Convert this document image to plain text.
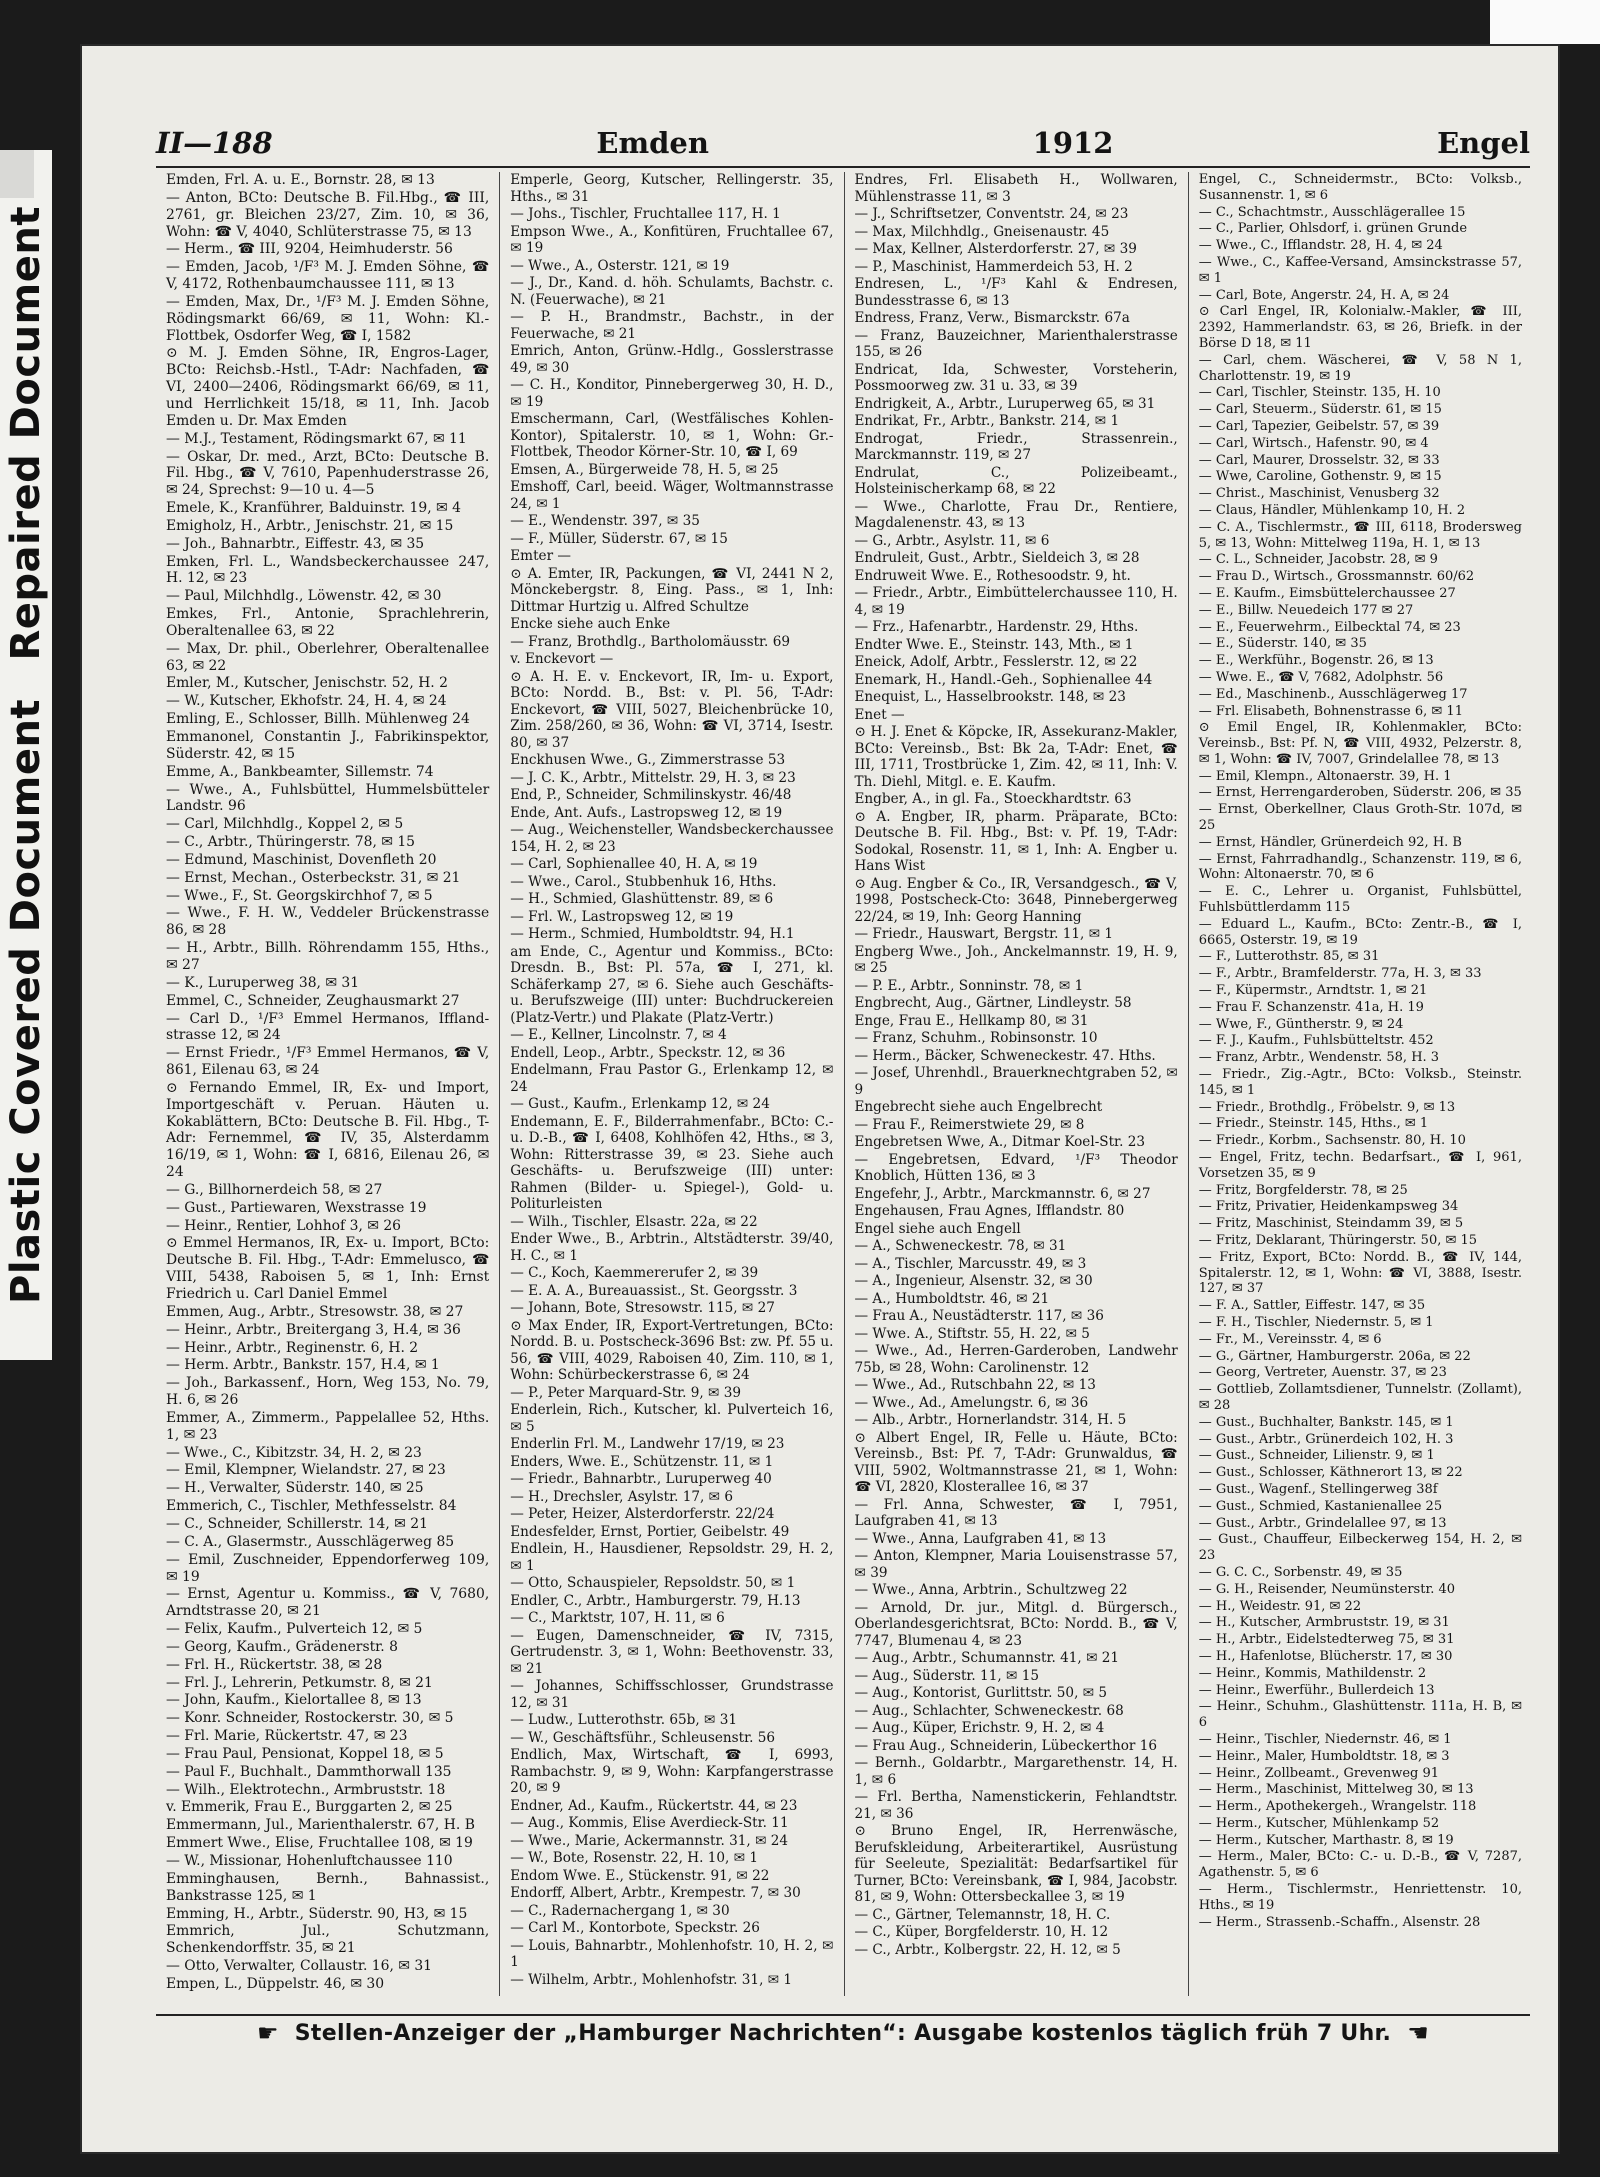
Plastic Covered Document Repaired Document
II—188	Emden	1912	Engel
Emden, Frl. A. u. E., Bornstr. 28, ✉ 13
— Anton, BCto: Deutsche B. Fil.Hbg., ☎ III, 2761, gr. Bleichen 23/27, Zim. 10, ✉ 36, Wohn: ☎ V, 4040, Schlüterstrasse 75, ✉ 13
— Herm., ☎ III, 9204, Heimhuderstr. 56
— Emden, Jacob, ¹/F³ M. J. Emden Söhne, ☎ V, 4172, Rothenbaumchaussee 111, ✉ 13
— Emden, Max, Dr., ¹/F³ M. J. Emden Söhne, Rödingsmarkt 66/69, ✉ 11, Wohn: Kl.-Flottbek, Osdorfer Weg, ☎ I, 1582
⊙ M. J. Emden Söhne, IR, Engros-Lager, BCto: Reichsb.-Hstl., T-Adr: Nachfaden, ☎ VI, 2400—2406, Rödingsmarkt 66/69, ✉ 11, und Herrlichkeit 15/18, ✉ 11, Inh. Jacob Emden u. Dr. Max Emden
— M.J., Testament, Rödingsmarkt 67, ✉ 11
— Oskar, Dr. med., Arzt, BCto: Deutsche B. Fil. Hbg., ☎ V, 7610, Papenhuderstrasse 26, ✉ 24, Sprechst: 9—10 u. 4—5
Emele, K., Kranführer, Balduinstr. 19, ✉ 4
Emigholz, H., Arbtr., Jenischstr. 21, ✉ 15
— Joh., Bahnarbtr., Eiffestr. 43, ✉ 35
Emken, Frl. L., Wandsbeckerchaussee 247, H. 12, ✉ 23
— Paul, Milchhdlg., Löwenstr. 42, ✉ 30
Emkes, Frl., Antonie, Sprachlehrerin, Oberaltenallee 63, ✉ 22
— Max, Dr. phil., Oberlehrer, Oberaltenallee 63, ✉ 22
Emler, M., Kutscher, Jenischstr. 52, H. 2
— W., Kutscher, Ekhofstr. 24, H. 4, ✉ 24
Emling, E., Schlosser, Billh. Mühlenweg 24
Emmanonel, Constantin J., Fabrikinspektor, Süderstr. 42, ✉ 15
Emme, A., Bankbeamter, Sillemstr. 74
— Wwe., A., Fuhlsbüttel, Hummelsbütteler Landstr. 96
— Carl, Milchhdlg., Koppel 2, ✉ 5
— C., Arbtr., Thüringerstr. 78, ✉ 15
— Edmund, Maschinist, Dovenfleth 20
— Ernst, Mechan., Osterbeckstr. 31, ✉ 21
— Wwe., F., St. Georgskirchhof 7, ✉ 5
— Wwe., F. H. W., Veddeler Brückenstrasse 86, ✉ 28
— H., Arbtr., Billh. Röhrendamm 155, Hths., ✉ 27
— K., Luruperweg 38, ✉ 31
Emmel, C., Schneider, Zeughausmarkt 27
— Carl D., ¹/F³ Emmel Hermanos, Iffland-strasse 12, ✉ 24
— Ernst Friedr., ¹/F³ Emmel Hermanos, ☎ V, 861, Eilenau 63, ✉ 24
⊙ Fernando Emmel, IR, Ex- und Import, Importgeschäft v. Peruan. Häuten u. Kokablättern, BCto: Deutsche B. Fil. Hbg., T-Adr: Fernemmel, ☎ IV, 35, Alsterdamm 16/19, ✉ 1, Wohn: ☎ I, 6816, Eilenau 26, ✉ 24
— G., Billhornerdeich 58, ✉ 27
— Gust., Partiewaren, Wexstrasse 19
— Heinr., Rentier, Lohhof 3, ✉ 26
⊙ Emmel Hermanos, IR, Ex- u. Import, BCto: Deutsche B. Fil. Hbg., T-Adr: Emmelusco, ☎ VIII, 5438, Raboisen 5, ✉ 1, Inh: Ernst Friedrich u. Carl Daniel Emmel
Emmen, Aug., Arbtr., Stresowstr. 38, ✉ 27
— Heinr., Arbtr., Breitergang 3, H.4, ✉ 36
— Heinr., Arbtr., Reginenstr. 6, H. 2
— Herm. Arbtr., Bankstr. 157, H.4, ✉ 1
— Joh., Barkassenf., Horn, Weg 153, No. 79, H. 6, ✉ 26
Emmer, A., Zimmerm., Pappelallee 52, Hths. 1, ✉ 23
— Wwe., C., Kibitzstr. 34, H. 2, ✉ 23
— Emil, Klempner, Wielandstr. 27, ✉ 23
— H., Verwalter, Süderstr. 140, ✉ 25
Emmerich, C., Tischler, Methfesselstr. 84
— C., Schneider, Schillerstr. 14, ✉ 21
— C. A., Glasermstr., Ausschlägerweg 85
— Emil, Zuschneider, Eppendorferweg 109, ✉ 19
— Ernst, Agentur u. Kommiss., ☎ V, 7680, Arndtstrasse 20, ✉ 21
— Felix, Kaufm., Pulverteich 12, ✉ 5
— Georg, Kaufm., Grädenerstr. 8
— Frl. H., Rückertstr. 38, ✉ 28
— Frl. J., Lehrerin, Petkumstr. 8, ✉ 21
— John, Kaufm., Kielortallee 8, ✉ 13
— Konr. Schneider, Rostockerstr. 30, ✉ 5
— Frl. Marie, Rückertstr. 47, ✉ 23
— Frau Paul, Pensionat, Koppel 18, ✉ 5
— Paul F., Buchhalt., Dammthorwall 135
— Wilh., Elektrotechn., Armbruststr. 18
v. Emmerik, Frau E., Burggarten 2, ✉ 25
Emmermann, Jul., Marienthalerstr. 67, H. B
Emmert Wwe., Elise, Fruchtallee 108, ✉ 19
— W., Missionar, Hohenluftchaussee 110
Emminghausen, Bernh., Bahnassist., Bankstrasse 125, ✉ 1
Emming, H., Arbtr., Süderstr. 90, H3, ✉ 15
Emmrich, Jul., Schutzmann, Schenkendorffstr. 35, ✉ 21
— Otto, Verwalter, Collaustr. 16, ✉ 31
Empen, L., Düppelstr. 46, ✉ 30
Emperle, Georg, Kutscher, Rellingerstr. 35, Hths., ✉ 31
— Johs., Tischler, Fruchtallee 117, H. 1
Empson Wwe., A., Konfitüren, Fruchtallee 67, ✉ 19
— Wwe., A., Osterstr. 121, ✉ 19
— J., Dr., Kand. d. höh. Schulamts, Bachstr. c. N. (Feuerwache), ✉ 21
— P. H., Brandmstr., Bachstr., in der Feuerwache, ✉ 21
Emrich, Anton, Grünw.-Hdlg., Gosslerstrasse 49, ✉ 30
— C. H., Konditor, Pinnebergerweg 30, H. D., ✉ 19
Emschermann, Carl, (Westfälisches Kohlen-Kontor), Spitalerstr. 10, ✉ 1, Wohn: Gr.-Flottbek, Theodor Körner-Str. 10, ☎ I, 69
Emsen, A., Bürgerweide 78, H. 5, ✉ 25
Emshoff, Carl, beeid. Wäger, Woltmannstrasse 24, ✉ 1
— E., Wendenstr. 397, ✉ 35
— F., Müller, Süderstr. 67, ✉ 15
Emter —
⊙ A. Emter, IR, Packungen, ☎ VI, 2441 N 2, Mönckebergstr. 8, Eing. Pass., ✉ 1, Inh: Dittmar Hurtzig u. Alfred Schultze
Encke siehe auch Enke
— Franz, Brothdlg., Bartholomäusstr. 69
v. Enckevort —
⊙ A. H. E. v. Enckevort, IR, Im- u. Export, BCto: Nordd. B., Bst: v. Pl. 56, T-Adr: Enckevort, ☎ VIII, 5027, Bleichenbrücke 10, Zim. 258/260, ✉ 36, Wohn: ☎ VI, 3714, Isestr. 80, ✉ 37
Enckhusen Wwe., G., Zimmerstrasse 53
— J. C. K., Arbtr., Mittelstr. 29, H. 3, ✉ 23
End, P., Schneider, Schmilinskystr. 46/48
Ende, Ant. Aufs., Lastropsweg 12, ✉ 19
— Aug., Weichensteller, Wandsbeckerchaussee 154, H. 2, ✉ 23
— Carl, Sophienallee 40, H. A, ✉ 19
— Wwe., Carol., Stubbenhuk 16, Hths.
— H., Schmied, Glashüttenstr. 89, ✉ 6
— Frl. W., Lastropsweg 12, ✉ 19
— Herm., Schmied, Humboldtstr. 94, H.1
am Ende, C., Agentur und Kommiss., BCto: Dresdn. B., Bst: Pl. 57a, ☎ I, 271, kl. Schäferkamp 27, ✉ 6. Siehe auch Geschäfts- u. Berufszweige (III) unter: Buchdruckereien (Platz-Vertr.) und Plakate (Platz-Vertr.)
— E., Kellner, Lincolnstr. 7, ✉ 4
Endell, Leop., Arbtr., Speckstr. 12, ✉ 36
Endelmann, Frau Pastor G., Erlenkamp 12, ✉ 24
— Gust., Kaufm., Erlenkamp 12, ✉ 24
Endemann, E. F., Bilderrahmenfabr., BCto: C.- u. D.-B., ☎ I, 6408, Kohlhöfen 42, Hths., ✉ 3, Wohn: Ritterstrasse 39, ✉ 23. Siehe auch Geschäfts- u. Berufszweige (III) unter: Rahmen (Bilder- u. Spiegel-), Gold- u. Politurleisten
— Wilh., Tischler, Elsastr. 22a, ✉ 22
Ender Wwe., B., Arbtrin., Altstädterstr. 39/40, H. C., ✉ 1
— C., Koch, Kaemmererufer 2, ✉ 39
— E. A. A., Bureauassist., St. Georgsstr. 3
— Johann, Bote, Stresowstr. 115, ✉ 27
⊙ Max Ender, IR, Export-Vertretungen, BCto: Nordd. B. u. Postscheck-3696 Bst: zw. Pf. 55 u. 56, ☎ VIII, 4029, Raboisen 40, Zim. 110, ✉ 1, Wohn: Schürbeckerstrasse 6, ✉ 24
— P., Peter Marquard-Str. 9, ✉ 39
Enderlein, Rich., Kutscher, kl. Pulverteich 16, ✉ 5
Enderlin Frl. M., Landwehr 17/19, ✉ 23
Enders, Wwe. E., Schützenstr. 11, ✉ 1
— Friedr., Bahnarbtr., Luruperweg 40
— H., Drechsler, Asylstr. 17, ✉ 6
— Peter, Heizer, Alsterdorferstr. 22/24
Endesfelder, Ernst, Portier, Geibelstr. 49
Endlein, H., Hausdiener, Repsoldstr. 29, H. 2, ✉ 1
— Otto, Schauspieler, Repsoldstr. 50, ✉ 1
Endler, C., Arbtr., Hamburgerstr. 79, H.13
— C., Marktstr, 107, H. 11, ✉ 6
— Eugen, Damenschneider, ☎ IV, 7315, Gertrudenstr. 3, ✉ 1, Wohn: Beethovenstr. 33, ✉ 21
— Johannes, Schiffsschlosser, Grundstrasse 12, ✉ 31
— Ludw., Lutterothstr. 65b, ✉ 31
— W., Geschäftsführ., Schleusenstr. 56
Endlich, Max, Wirtschaft, ☎ I, 6993, Rambachstr. 9, ✉ 9, Wohn: Karpfangerstrasse 20, ✉ 9
Endner, Ad., Kaufm., Rückertstr. 44, ✉ 23
— Aug., Kommis, Elise Averdieck-Str. 11
— Wwe., Marie, Ackermannstr. 31, ✉ 24
— W., Bote, Rosenstr. 22, H. 10, ✉ 1
Endom Wwe. E., Stückenstr. 91, ✉ 22
Endorff, Albert, Arbtr., Krempestr. 7, ✉ 30
— C., Radernachergang 1, ✉ 30
— Carl M., Kontorbote, Speckstr. 26
— Louis, Bahnarbtr., Mohlenhofstr. 10, H. 2, ✉ 1
— Wilhelm, Arbtr., Mohlenhofstr. 31, ✉ 1
Endres, Frl. Elisabeth H., Wollwaren, Mühlenstrasse 11, ✉ 3
— J., Schriftsetzer, Conventstr. 24, ✉ 23
— Max, Milchhdlg., Gneisenaustr. 45
— Max, Kellner, Alsterdorferstr. 27, ✉ 39
— P., Maschinist, Hammerdeich 53, H. 2
Endresen, L., ¹/F³ Kahl & Endresen, Bundesstrasse 6, ✉ 13
Endress, Franz, Verw., Bismarckstr. 67a
— Franz, Bauzeichner, Marienthalerstrasse 155, ✉ 26
Endricat, Ida, Schwester, Vorsteherin, Possmoorweg zw. 31 u. 33, ✉ 39
Endrigkeit, A., Arbtr., Luruperweg 65, ✉ 31
Endrikat, Fr., Arbtr., Bankstr. 214, ✉ 1
Endrogat, Friedr., Strassenrein., Marckmannstr. 119, ✉ 27
Endrulat, C., Polizeibeamt., Holsteinischerkamp 68, ✉ 22
— Wwe., Charlotte, Frau Dr., Rentiere, Magdalenenstr. 43, ✉ 13
— G., Arbtr., Asylstr. 11, ✉ 6
Endruleit, Gust., Arbtr., Sieldeich 3, ✉ 28
Endruweit Wwe. E., Rothesoodstr. 9, ht.
— Friedr., Arbtr., Eimbüttelerchaussee 110, H. 4, ✉ 19
— Frz., Hafenarbtr., Hardenstr. 29, Hths.
Endter Wwe. E., Steinstr. 143, Mth., ✉ 1
Eneick, Adolf, Arbtr., Fesslerstr. 12, ✉ 22
Enemark, H., Handl.-Geh., Sophienallee 44
Enequist, L., Hasselbrookstr. 148, ✉ 23
Enet —
⊙ H. J. Enet & Köpcke, IR, Assekuranz-Makler, BCto: Vereinsb., Bst: Bk 2a, T-Adr: Enet, ☎ III, 1711, Trostbrücke 1, Zim. 42, ✉ 11, Inh: V. Th. Diehl, Mitgl. e. E. Kaufm.
Engber, A., in gl. Fa., Stoeckhardtstr. 63
⊙ A. Engber, IR, pharm. Präparate, BCto: Deutsche B. Fil. Hbg., Bst: v. Pf. 19, T-Adr: Sodokal, Rosenstr. 11, ✉ 1, Inh: A. Engber u. Hans Wist
⊙ Aug. Engber & Co., IR, Versandgesch., ☎ V, 1998, Postscheck-Cto: 3648, Pinnebergerweg 22/24, ✉ 19, Inh: Georg Hanning
— Friedr., Hauswart, Bergstr. 11, ✉ 1
Engberg Wwe., Joh., Anckelmannstr. 19, H. 9, ✉ 25
— P. E., Arbtr., Sonninstr. 78, ✉ 1
Engbrecht, Aug., Gärtner, Lindleystr. 58
Enge, Frau E., Hellkamp 80, ✉ 31
— Franz, Schuhm., Robinsonstr. 10
— Herm., Bäcker, Schweneckestr. 47. Hths.
— Josef, Uhrenhdl., Brauerknechtgraben 52, ✉ 9
Engebrecht siehe auch Engelbrecht
— Frau F., Reimerstwiete 29, ✉ 8
Engebretsen Wwe, A., Ditmar Koel-Str. 23
— Engebretsen, Edvard, ¹/F³ Theodor Knoblich, Hütten 136, ✉ 3
Engefehr, J., Arbtr., Marckmannstr. 6, ✉ 27
Engehausen, Frau Agnes, Ifflandstr. 80
Engel siehe auch Engell
— A., Schweneckestr. 78, ✉ 31
— A., Tischler, Marcusstr. 49, ✉ 3
— A., Ingenieur, Alsenstr. 32, ✉ 30
— A., Humboldtstr. 46, ✉ 21
— Frau A., Neustädterstr. 117, ✉ 36
— Wwe. A., Stiftstr. 55, H. 22, ✉ 5
— Wwe., Ad., Herren-Garderoben, Landwehr 75b, ✉ 28, Wohn: Carolinenstr. 12
— Wwe., Ad., Rutschbahn 22, ✉ 13
— Wwe., Ad., Amelungstr. 6, ✉ 36
— Alb., Arbtr., Hornerlandstr. 314, H. 5
⊙ Albert Engel, IR, Felle u. Häute, BCto: Vereinsb., Bst: Pf. 7, T-Adr: Grunwaldus, ☎ VIII, 5902, Woltmannstrasse 21, ✉ 1, Wohn: ☎ VI, 2820, Klosterallee 16, ✉ 37
— Frl. Anna, Schwester, ☎ I, 7951, Laufgraben 41, ✉ 13
— Wwe., Anna, Laufgraben 41, ✉ 13
— Anton, Klempner, Maria Louisenstrasse 57, ✉ 39
— Wwe., Anna, Arbtrin., Schultzweg 22
— Arnold, Dr. jur., Mitgl. d. Bürgersch., Oberlandesgerichtsrat, BCto: Nordd. B., ☎ V, 7747, Blumenau 4, ✉ 23
— Aug., Arbtr., Schumannstr. 41, ✉ 21
— Aug., Süderstr. 11, ✉ 15
— Aug., Kontorist, Gurlittstr. 50, ✉ 5
— Aug., Schlachter, Schweneckestr. 68
— Aug., Küper, Erichstr. 9, H. 2, ✉ 4
— Frau Aug., Schneiderin, Lübeckerthor 16
— Bernh., Goldarbtr., Margarethenstr. 14, H. 1, ✉ 6
— Frl. Bertha, Namenstickerin, Fehlandtstr. 21, ✉ 36
⊙ Bruno Engel, IR, Herrenwäsche, Berufskleidung, Arbeiterartikel, Ausrüstung für Seeleute, Spezialität: Bedarfsartikel für Turner, BCto: Vereinsbank, ☎ I, 984, Jacobstr. 81, ✉ 9, Wohn: Ottersbeckallee 3, ✉ 19
— C., Gärtner, Telemannstr, 18, H. C.
— C., Küper, Borgfelderstr. 10, H. 12
— C., Arbtr., Kolbergstr. 22, H. 12, ✉ 5
Engel, C., Schneidermstr., BCto: Volksb., Susannenstr. 1, ✉ 6
— C., Schachtmstr., Ausschlägerallee 15
— C., Parlier, Ohlsdorf, i. grünen Grunde
— Wwe., C., Ifflandstr. 28, H. 4, ✉ 24
— Wwe., C., Kaffee-Versand, Amsinckstrasse 57, ✉ 1
— Carl, Bote, Angerstr. 24, H. A, ✉ 24
⊙ Carl Engel, IR, Kolonialw.-Makler, ☎ III, 2392, Hammerlandstr. 63, ✉ 26, Briefk. in der Börse D 18, ✉ 11
— Carl, chem. Wäscherei, ☎ V, 58 N 1, Charlottenstr. 19, ✉ 19
— Carl, Tischler, Steinstr. 135, H. 10
— Carl, Steuerm., Süderstr. 61, ✉ 15
— Carl, Tapezier, Geibelstr. 57, ✉ 39
— Carl, Wirtsch., Hafenstr. 90, ✉ 4
— Carl, Maurer, Drosselstr. 32, ✉ 33
— Wwe, Caroline, Gothenstr. 9, ✉ 15
— Christ., Maschinist, Venusberg 32
— Claus, Händler, Mühlenkamp 10, H. 2
— C. A., Tischlermstr., ☎ III, 6118, Brodersweg 5, ✉ 13, Wohn: Mittelweg 119a, H. 1, ✉ 13
— C. L., Schneider, Jacobstr. 28, ✉ 9
— Frau D., Wirtsch., Grossmannstr. 60/62
— E. Kaufm., Eimsbüttelerchaussee 27
— E., Billw. Neuedeich 177 ✉ 27
— E., Feuerwehrm., Eilbecktal 74, ✉ 23
— E., Süderstr. 140, ✉ 35
— E., Werkführ., Bogenstr. 26, ✉ 13
— Wwe. E., ☎ V, 7682, Adolphstr. 56
— Ed., Maschinenb., Ausschlägerweg 17
— Frl. Elisabeth, Bohnenstrasse 6, ✉ 11
⊙ Emil Engel, IR, Kohlenmakler, BCto: Vereinsb., Bst: Pf. N, ☎ VIII, 4932, Pelzerstr. 8, ✉ 1, Wohn: ☎ IV, 7007, Grindelallee 78, ✉ 13
— Emil, Klempn., Altonaerstr. 39, H. 1
— Ernst, Herrengarderoben, Süderstr. 206, ✉ 35
— Ernst, Oberkellner, Claus Groth-Str. 107d, ✉ 25
— Ernst, Händler, Grünerdeich 92, H. B
— Ernst, Fahrradhandlg., Schanzenstr. 119, ✉ 6, Wohn: Altonaerstr. 70, ✉ 6
— E. C., Lehrer u. Organist, Fuhlsbüttel, Fuhlsbüttlerdamm 115
— Eduard L., Kaufm., BCto: Zentr.-B., ☎ I, 6665, Osterstr. 19, ✉ 19
— F., Lutterothstr. 85, ✉ 31
— F., Arbtr., Bramfelderstr. 77a, H. 3, ✉ 33
— F., Küpermstr., Arndtstr. 1, ✉ 21
— Frau F. Schanzenstr. 41a, H. 19
— Wwe, F., Güntherstr. 9, ✉ 24
— F. J., Kaufm., Fuhlsbütteltstr. 452
— Franz, Arbtr., Wendenstr. 58, H. 3
— Friedr., Zig.-Agtr., BCto: Volksb., Steinstr. 145, ✉ 1
— Friedr., Brothdlg., Fröbelstr. 9, ✉ 13
— Friedr., Steinstr. 145, Hths., ✉ 1
— Friedr., Korbm., Sachsenstr. 80, H. 10
— Engel, Fritz, techn. Bedarfsart., ☎ I, 961, Vorsetzen 35, ✉ 9
— Fritz, Borgfelderstr. 78, ✉ 25
— Fritz, Privatier, Heidenkampsweg 34
— Fritz, Maschinist, Steindamm 39, ✉ 5
— Fritz, Deklarant, Thüringerstr. 50, ✉ 15
— Fritz, Export, BCto: Nordd. B., ☎ IV, 144, Spitalerstr. 12, ✉ 1, Wohn: ☎ VI, 3888, Isestr. 127, ✉ 37
— F. A., Sattler, Eiffestr. 147, ✉ 35
— F. H., Tischler, Niedernstr. 5, ✉ 1
— Fr., M., Vereinsstr. 4, ✉ 6
— G., Gärtner, Hamburgerstr. 206a, ✉ 22
— Georg, Vertreter, Auenstr. 37, ✉ 23
— Gottlieb, Zollamtsdiener, Tunnelstr. (Zollamt), ✉ 28
— Gust., Buchhalter, Bankstr. 145, ✉ 1
— Gust., Arbtr., Grünerdeich 102, H. 3
— Gust., Schneider, Lilienstr. 9, ✉ 1
— Gust., Schlosser, Käthnerort 13, ✉ 22
— Gust., Wagenf., Stellingerweg 38f
— Gust., Schmied, Kastanienallee 25
— Gust., Arbtr., Grindelallee 97, ✉ 13
— Gust., Chauffeur, Eilbeckerweg 154, H. 2, ✉ 23
— G. C. C., Sorbenstr. 49, ✉ 35
— G. H., Reisender, Neumünsterstr. 40
— H., Weidestr. 91, ✉ 22
— H., Kutscher, Armbruststr. 19, ✉ 31
— H., Arbtr., Eidelstedterweg 75, ✉ 31
— H., Hafenlotse, Blücherstr. 17, ✉ 30
— Heinr., Kommis, Mathildenstr. 2
— Heinr., Ewerführ., Bullerdeich 13
— Heinr., Schuhm., Glashüttenstr. 111a, H. B, ✉ 6
— Heinr., Tischler, Niedernstr. 46, ✉ 1
— Heinr., Maler, Humboldtstr. 18, ✉ 3
— Heinr., Zollbeamt., Grevenweg 91
— Herm., Maschinist, Mittelweg 30, ✉ 13
— Herm., Apothekergeh., Wrangelstr. 118
— Herm., Kutscher, Mühlenkamp 52
— Herm., Kutscher, Marthastr. 8, ✉ 19
— Herm., Maler, BCto: C.- u. D.-B., ☎ V, 7287, Agathenstr. 5, ✉ 6
— Herm., Tischlermstr., Henriettenstr. 10, Hths., ✉ 19
— Herm., Strassenb.-Schaffn., Alsenstr. 28
☛ Stellen-Anzeiger der „Hamburger Nachrichten“: Ausgabe kostenlos täglich früh 7 Uhr. ☚
